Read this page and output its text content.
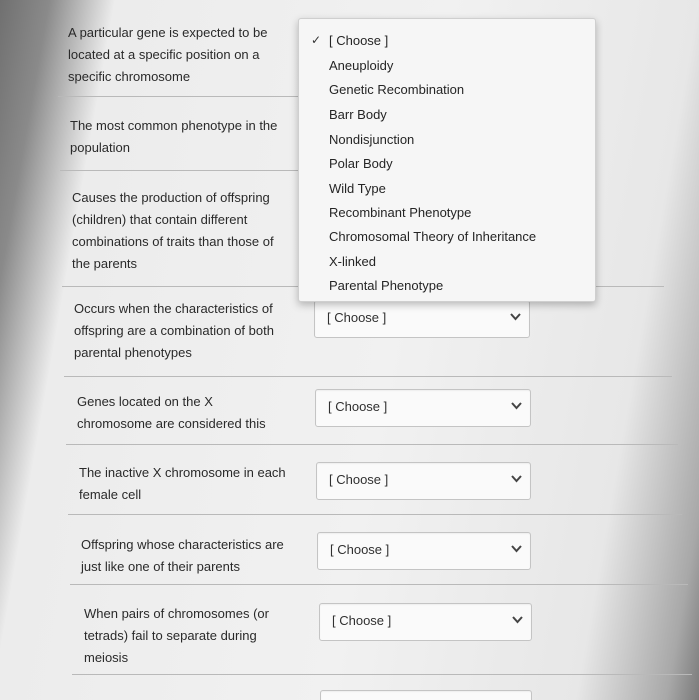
A particular gene is expected to be
located at a specific position on a
specific chromosome
The most common phenotype in the
population
Causes the production of offspring
(children) that contain different
combinations of traits than those of
the parents
Occurs when the characteristics of
offspring are a combination of both
parental phenotypes
[ Choose ]
Genes located on the X
chromosome are considered this
[ Choose ]
The inactive X chromosome in each
female cell
[ Choose ]
Offspring whose characteristics are
just like one of their parents
[ Choose ]
When pairs of chromosomes (or
tetrads) fail to separate during
meiosis
[ Choose ]
✓ [ Choose ]
Aneuploidy
Genetic Recombination
Barr Body
Nondisjunction
Polar Body
Wild Type
Recombinant Phenotype
Chromosomal Theory of Inheritance
X-linked
Parental Phenotype
